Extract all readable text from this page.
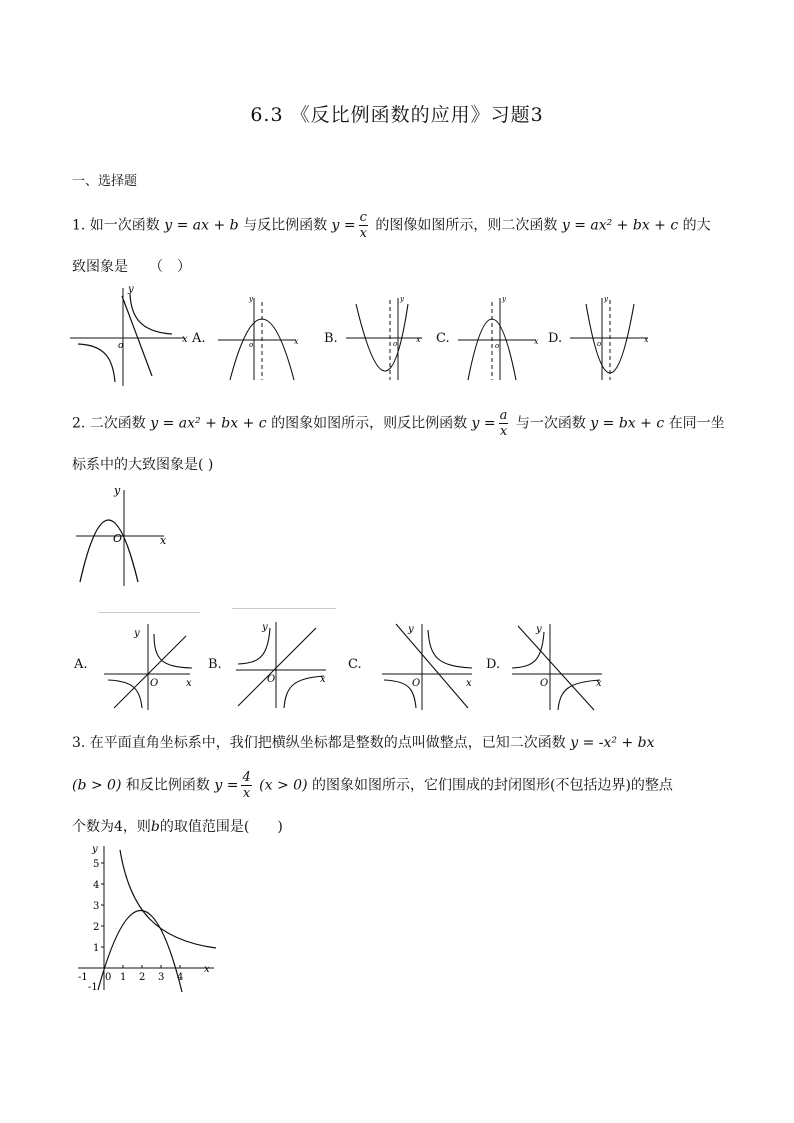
6.3 《反比例函数的应用》习题3
一、选择题
1. 如一次函数 y = ax + b 与反比例函数 $y = \frac{c}{x}$ 的图像如图所示，则二次函数 y = ax² + bx + c 的大
致图象是　　（　）
y
x
o	A.	x
y
o	B.	x
y
o	C.	x
y
o	D.	x
y
o
2. 二次函数 y = ax² + bx + c 的图象如图所示，则反比例函数 $y = \frac{a}{x}$ 与一次函数 y = bx + c 在同一坐
标系中的大致图象是( )
y
x
O
A.
y
x
O
B.
y
x
O
C.
y
x
O
D.
y
x
O
3. 在平面直角坐标系中，我们把横纵坐标都是整数的点叫做整点，已知二次函数 y = -x² + bx
(b > 0) 和反比例函数 $y = \frac{4}{x} (x > 0)$ 的图象如图所示，它们围成的封闭图形(不包括边界)的整点
个数为4，则b的取值范围是(　　)
y
x
5
4
3
2
1
-1 0 1 2 3 4
-1
